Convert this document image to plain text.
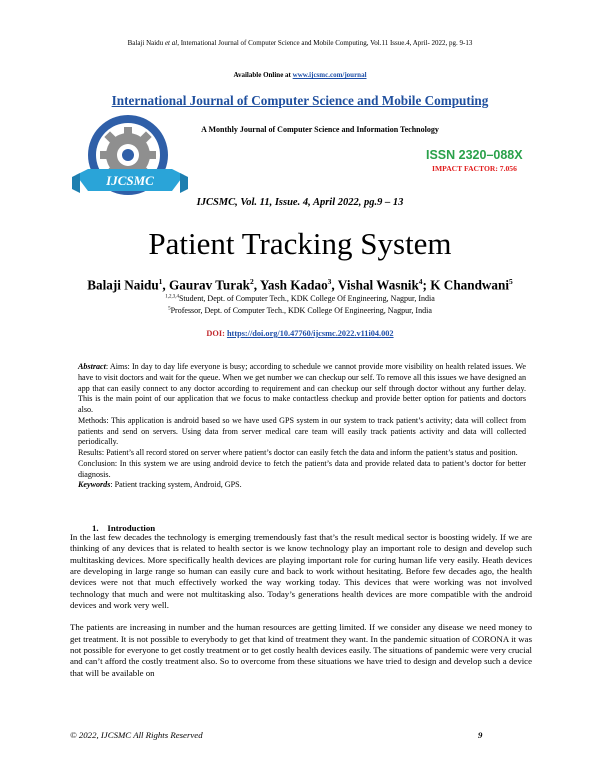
Balaji Naidu et al, International Journal of Computer Science and Mobile Computing, Vol.11 Issue.4, April- 2022, pg. 9-13
Available Online at www.ijcsmc.com/journal
International Journal of Computer Science and Mobile Computing
IJCSMC
A Monthly Journal of Computer Science and Information Technology
ISSN 2320–088X
IMPACT FACTOR: 7.056
IJCSMC, Vol. 11, Issue. 4, April 2022, pg.9 – 13
Patient Tracking System
Balaji Naidu$^1$, Gaurav Turak$^2$, Yash Kadao$^3$, Vishal Wasnik$^4$; K Chandwani$^5$
$^{1,2,3,4}$Student, Dept. of Computer Tech., KDK College Of Engineering, Nagpur, India
$^5$Professor, Dept. of Computer Tech., KDK College Of Engineering, Nagpur, India
DOI: https://doi.org/10.47760/ijcsmc.2022.v11i04.002

Abstract: Aims: In day to day life everyone is busy; according to schedule we cannot provide more visibility on health related issues. We have to visit doctors and wait for the queue. When we get number we can checkup our self. To remove all this issues we have designed an app that can easily connect to any doctor according to requirement and can checkup our self through doctor without any further delay. This is the main point of our application that we focus to make contactless checkup and provide better option for patients and doctors also.

Methods: This application is android based so we have used GPS system in our system to track patient’s activity; data will collect from patients and send on servers. Using data from server medical care team will easily track patients activity and data will collected periodically.

Results: Patient’s all record stored on server where patient’s doctor can easily fetch the data and inform the patient’s status and position.

Conclusion: In this system we are using android device to fetch the patient’s data and provide related data to patient’s doctor for better diagnosis.

Keywords: Patient tracking system, Android, GPS.

1.    Introduction

In the last few decades the technology is emerging tremendously fast that’s the result medical sector is boosting widely. If we are thinking of any devices that is related to health sector is we know technology play an important role to design and develop such multitasking devices. More specifically health devices are playing important role for curing human life very easily. Heath devices are developing in large range so human can easily cure and back to work without hesitating. Before few decades ago, the health devices were not that much effectively worked the way working today. This devices that were working was not involved technology that much and were not multitasking also. Today’s generations health devices are more compatible with the android devices and work very well.

The patients are increasing in number and the human resources are getting limited. If we consider any disease we need money to get treatment. It is not possible to everybody to get that kind of treatment they want. In the pandemic situation of CORONA it was not possible for everyone to get costly treatment or to get costly health devices easily. The situations of pandemic were very crucial and can’t afford the costly treatment also. So to overcome from these situations we have tried to design and develop such a device that will be available on

© 2022, IJCSMC All Rights Reserved	9
